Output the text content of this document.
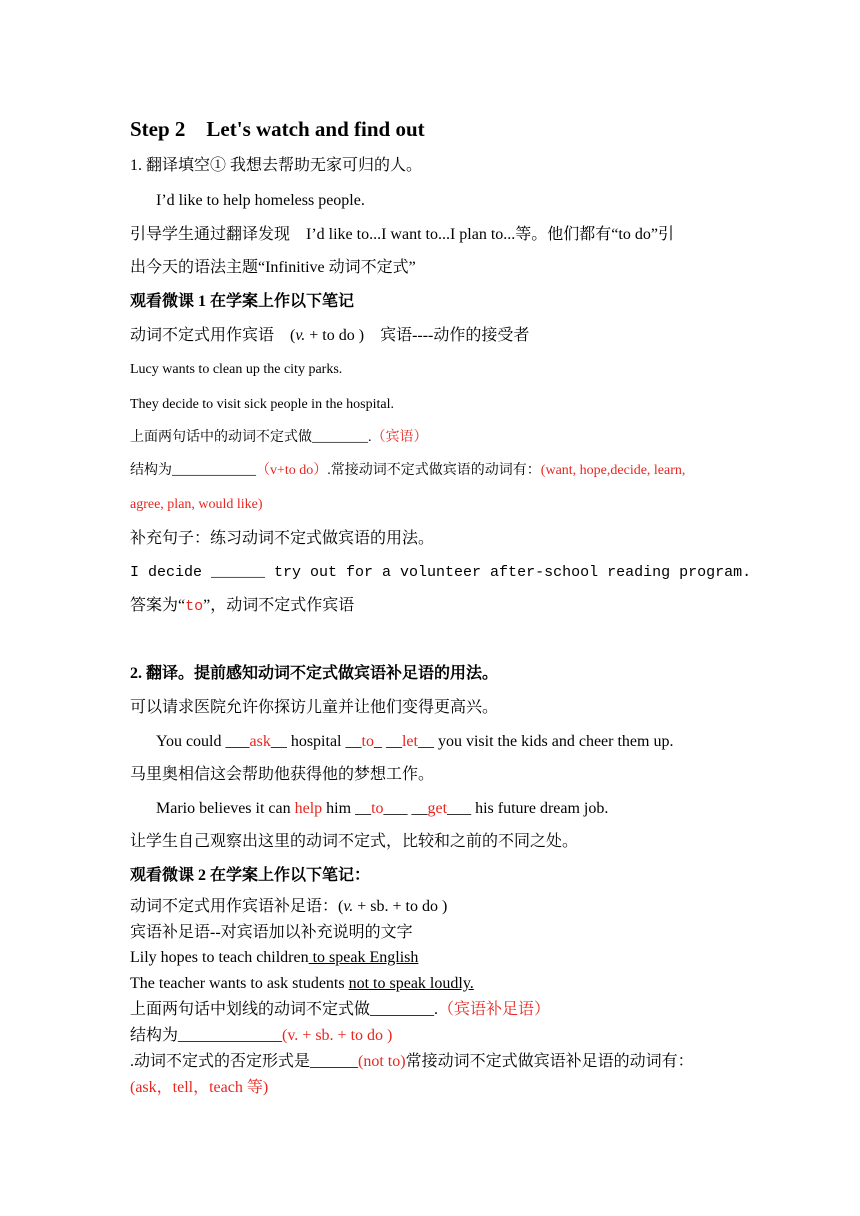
Step 2    Let's watch and find out
1. 翻译填空① 我想去帮助无家可归的人。
I’d like to help homeless people.
引导学生通过翻译发现    I’d like to...I want to...I plan to...等。他们都有“to do”引
出今天的语法主题“Infinitive 动词不定式”
观看微课 1 在学案上作以下笔记
动词不定式用作宾语    (v. + to do )    宾语----动作的接受者
Lucy wants to clean up the city parks.
They decide to visit sick people in the hospital.
上面两句话中的动词不定式做________.（宾语）
结构为____________（v+to do）.常接动词不定式做宾语的动词有：(want, hope,decide, learn,
agree, plan, would like)
补充句子：练习动词不定式做宾语的用法。
I decide ______ try out for a volunteer after-school reading program.
答案为“to”，动词不定式作宾语
2. 翻译。提前感知动词不定式做宾语补足语的用法。
可以请求医院允许你探访儿童并让他们变得更高兴。
You could ___ask__ hospital __to_ __let__ you visit the kids and cheer them up.
马里奥相信这会帮助他获得他的梦想工作。
Mario believes it can help him __to___ __get___ his future dream job.
让学生自己观察出这里的动词不定式，比较和之前的不同之处。
观看微课 2 在学案上作以下笔记：
动词不定式用作宾语补足语：(v. + sb. + to do )
宾语补足语--对宾语加以补充说明的文字
Lily hopes to teach children to speak English
The teacher wants to ask students not to speak loudly.
上面两句话中划线的动词不定式做________.（宾语补足语）
结构为_____________(v. + sb. + to do )
.动词不定式的否定形式是______(not to)常接动词不定式做宾语补足语的动词有：
(ask，tell，teach 等)
